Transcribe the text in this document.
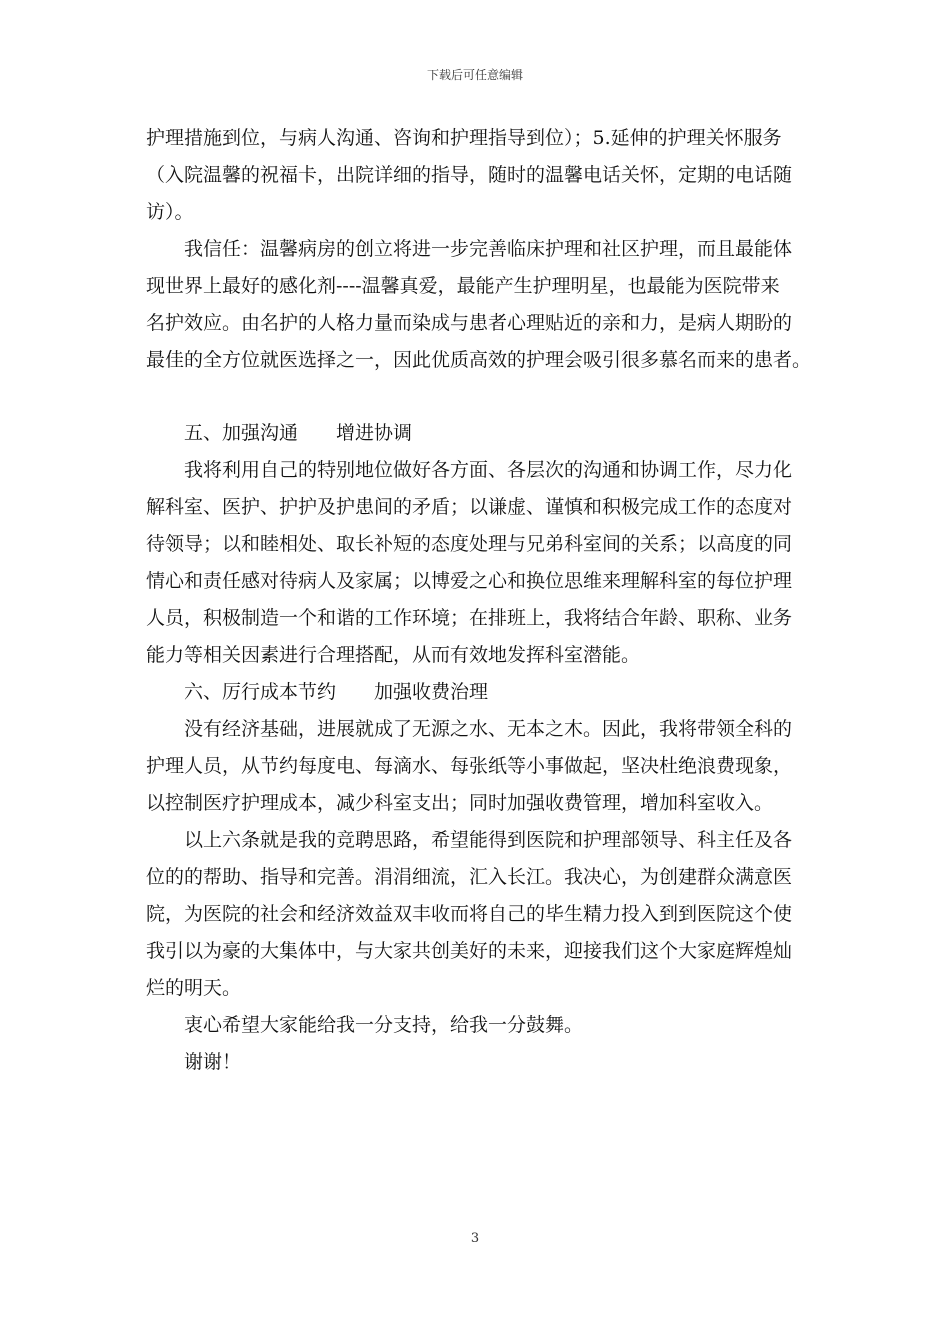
下载后可任意编辑
护理措施到位，与病人沟通、咨询和护理指导到位）；5.延伸的护理关怀服务
（入院温馨的祝福卡，出院详细的指导，随时的温馨电话关怀，定期的电话随
访）。
我信任：温馨病房的创立将进一步完善临床护理和社区护理，而且最能体
现世界上最好的感化剂----温馨真爱，最能产生护理明星，也最能为医院带来
名护效应。由名护的人格力量而染成与患者心理贴近的亲和力，是病人期盼的
最佳的全方位就医选择之一，因此优质高效的护理会吸引很多慕名而来的患者。
五、加强沟通　　增进协调
我将利用自己的特别地位做好各方面、各层次的沟通和协调工作，尽力化
解科室、医护、护护及护患间的矛盾；以谦虚、谨慎和积极完成工作的态度对
待领导；以和睦相处、取长补短的态度处理与兄弟科室间的关系；以高度的同
情心和责任感对待病人及家属；以博爱之心和换位思维来理解科室的每位护理
人员，积极制造一个和谐的工作环境；在排班上，我将结合年龄、职称、业务
能力等相关因素进行合理搭配，从而有效地发挥科室潜能。
六、厉行成本节约　　加强收费治理
没有经济基础，进展就成了无源之水、无本之木。因此，我将带领全科的
护理人员，从节约每度电、每滴水、每张纸等小事做起，坚决杜绝浪费现象，
以控制医疗护理成本，减少科室支出；同时加强收费管理，增加科室收入。
以上六条就是我的竞聘思路，希望能得到医院和护理部领导、科主任及各
位的的帮助、指导和完善。涓涓细流，汇入长江。我决心，为创建群众满意医
院，为医院的社会和经济效益双丰收而将自己的毕生精力投入到到医院这个使
我引以为豪的大集体中，与大家共创美好的未来，迎接我们这个大家庭辉煌灿
烂的明天。
衷心希望大家能给我一分支持，给我一分鼓舞。
谢谢！
3
